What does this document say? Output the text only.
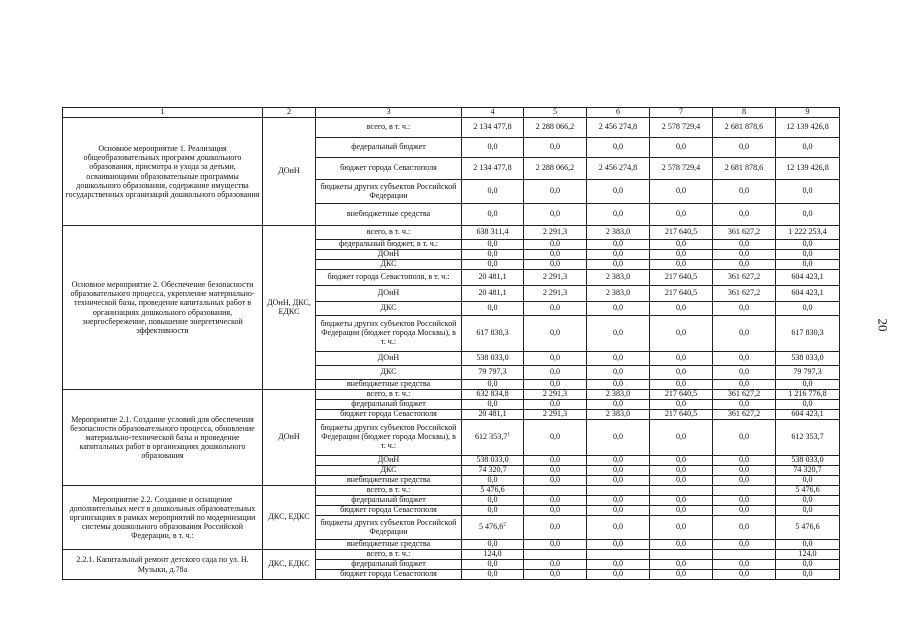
1	2	3	4	5	6	7	8	9
Основное мероприятие 1. Реализация общеобразовательных программ дошкольного образования, присмотра и ухода за детьми, осваивающими образовательные программы дошкольного образования, содержание имущества государственных организаций дошкольного образования	ДОиН	всего, в т. ч.:	2 134 477,8	2 288 066,2	2 456 274,8	2 578 729,4	2 681 878,6	12 139 426,8
		федеральный бюджет	0,0	0,0	0,0	0,0	0,0	0,0
		бюджет города Севастополя	2 134 477,8	2 288 066,2	2 456 274,8	2 578 729,4	2 681 878,6	12 139 426,8
		бюджеты других субъектов Российской Федерации	0,0	0,0	0,0	0,0	0,0	0,0
		внебюджетные средства	0,0	0,0	0,0	0,0	0,0	0,0
Основное мероприятие 2. Обеспечение безопасности образовательного процесса, укрепление материально-технической базы, проведение капитальных работ в организациях дошкольного образования, энергосбережение, повышение энергетической эффективности	ДОиН, ДКС, ЕДКС	всего, в т. ч.:	638 311,4	2 291,3	2 383,0	217 640,5	361 627,2	1 222 253,4
		федеральный бюджет, в т. ч.:	0,0	0,0	0,0	0,0	0,0	0,0
		ДОиН	0,0	0,0	0,0	0,0	0,0	0,0
		ДКС	0,0	0,0	0,0	0,0	0,0	0,0
		бюджет города Севастополя, в т. ч.:	20 481,1	2 291,3	2 383,0	217 640,5	361 627,2	604 423,1
		ДОиН	20 481,1	2 291,3	2 383,0	217 640,5	361 627,2	604 423,1
		ДКС	0,0	0,0	0,0	0,0	0,0	0,0
		бюджеты других субъектов Российской Федерации (бюджет города Москвы), в т. ч.:	617 830,3	0,0	0,0	0,0	0,0	617 830,3
		ДОиН	538 033,0	0,0	0,0	0,0	0,0	538 033,0
		ДКС	79 797,3	0,0	0,0	0,0	0,0	79 797,3
		внебюджетные средства	0,0	0,0	0,0	0,0	0,0	0,0
Мероприятие 2.1. Создание условий для обеспечения безопасности образовательного процесса, обновление материально-технической базы и проведение капитальных работ в организациях дошкольного образования	ДОиН	всего, в т. ч.:	632 834,8	2 291,3	2 383,0	217 640,5	361 627,2	1 216 776,8
		федеральный бюджет	0,0	0,0	0,0	0,0	0,0	0,0
		бюджет города Севастополя	20 481,1	2 291,3	2 383,0	217 640,5	361 627,2	604 423,1
		бюджеты других субъектов Российской Федерации (бюджет города Москвы), в т. ч.:	612 353,7$^1$	0,0	0,0	0,0	0,0	612 353,7
		ДОиН	538 033,0	0,0	0,0	0,0	0,0	538 033,0
		ДКС	74 320,7	0,0	0,0	0,0	0,0	74 320,7
		внебюджетные средства	0,0	0,0	0,0	0,0	0,0	0,0
Мероприятие 2.2. Создание и оснащение дополнительных мест в дошкольных образовательных организациях в рамках мероприятий по модернизации системы дошкольного образования Российской Федерации, в т. ч.:	ДКС, ЕДКС	всего, в т. ч.:	5 476,6					5 476,6
		федеральный бюджет	0,0	0,0	0,0	0,0	0,0	0,0
		бюджет города Севастополя	0,0	0,0	0,0	0,0	0,0	0,0
		бюджеты других субъектов Российской Федерации	5 476,6$^2$	0,0	0,0	0,0	0,0	5 476,6
		внебюджетные средства	0,0	0,0	0,0	0,0	0,0	0,0
2.2.1. Капитальный ремонт детского сада по ул. Н. Музыки, д.78а	ДКС, ЕДКС	всего, в т. ч.:	124,0					124,0
		федеральный бюджет	0,0	0,0	0,0	0,0	0,0	0,0
		бюджет города Севастополя	0,0	0,0	0,0	0,0	0,0	0,0
20
